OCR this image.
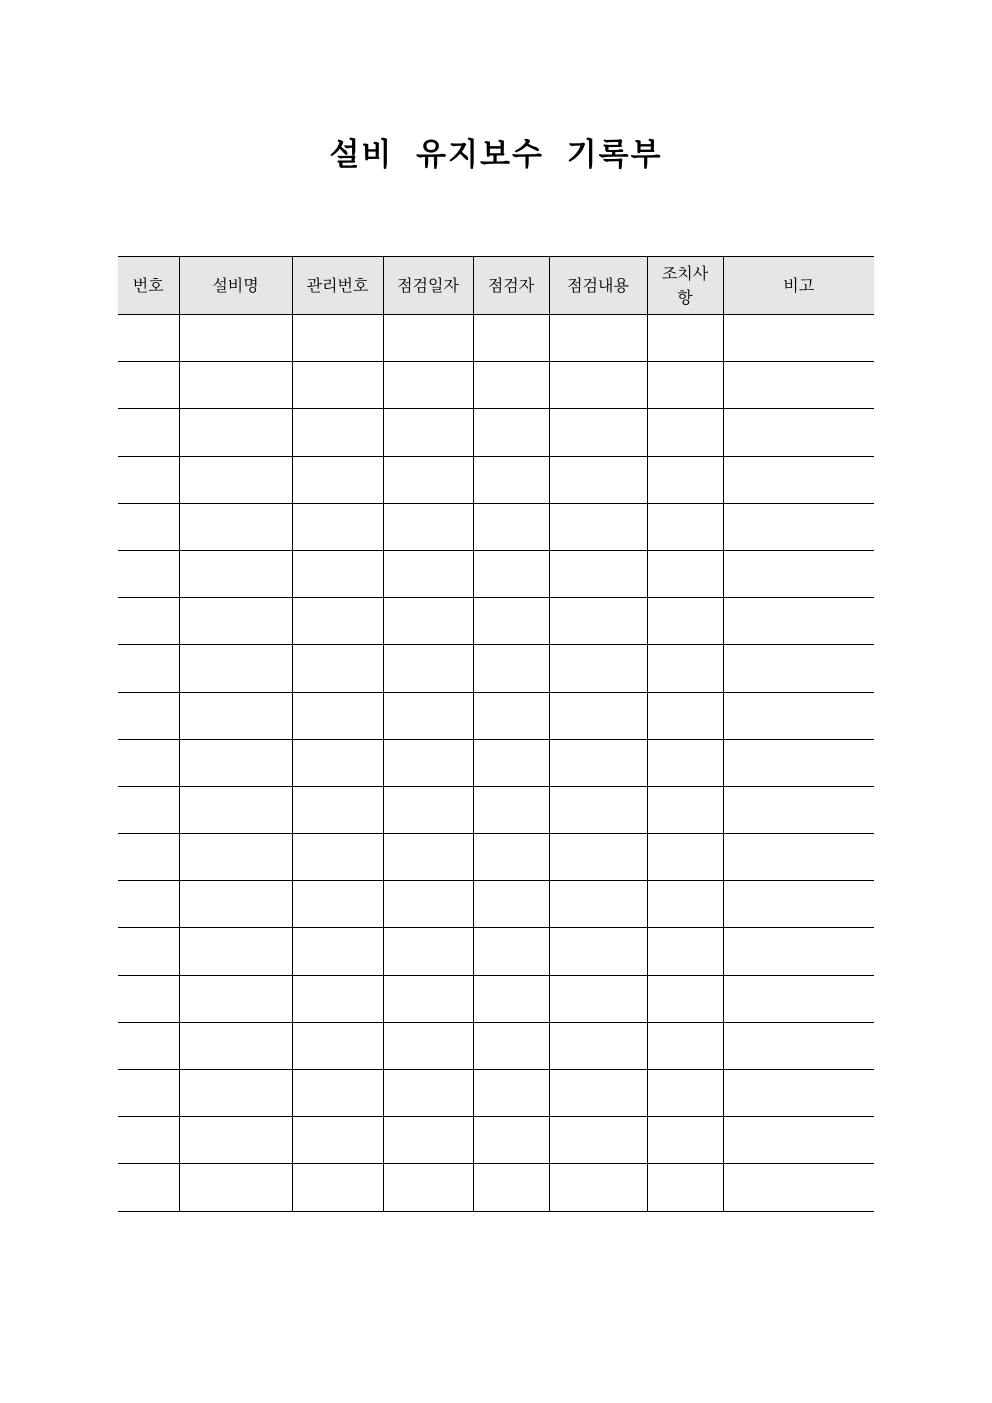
설비 유지보수 기록부
번호	설비명	관리번호	점검일자	점검자	점검내용	조치사항	비고
